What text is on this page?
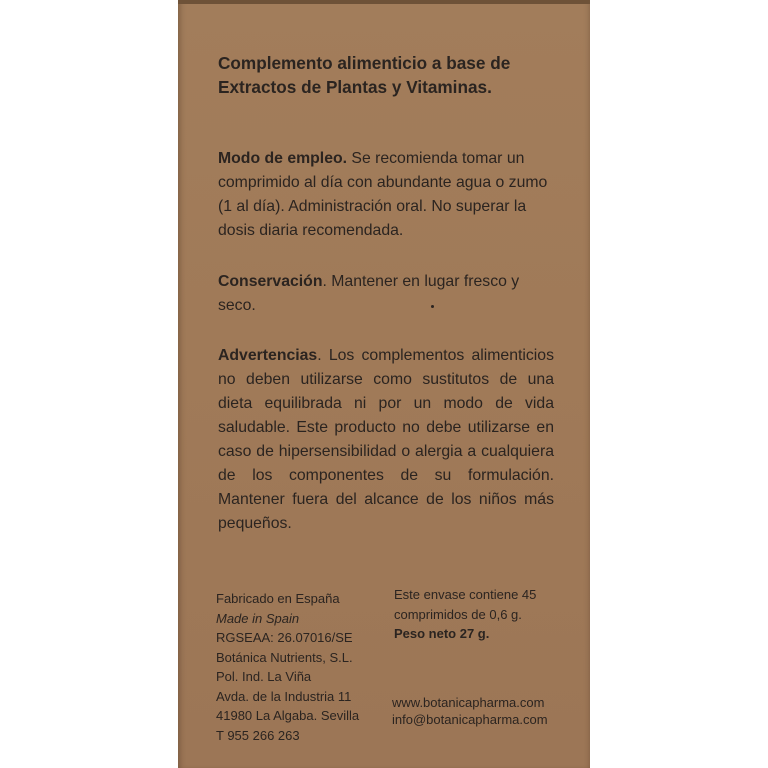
Complemento alimenticio a base de Extractos de Plantas y Vitaminas.
Modo de empleo. Se recomienda tomar un comprimido al día con abundante agua o zumo (1 al día). Administración oral. No superar la dosis diaria recomendada.
Conservación. Mantener en lugar fresco y seco.
Advertencias. Los complementos alimenticios no deben utilizarse como sustitutos de una dieta equilibrada ni por un modo de vida saludable. Este producto no debe utilizarse en caso de hipersensibilidad o alergia a cualquiera de los componentes de su formulación. Mantener fuera del alcance de los niños más pequeños.
Fabricado en España
Made in Spain
RGSEAA: 26.07016/SE
Botánica Nutrients, S.L.
Pol. Ind. La Viña
Avda. de la Industria 11
41980 La Algaba. Sevilla
T 955 266 263
Este envase contiene 45 comprimidos de 0,6 g.
Peso neto 27 g.
www.botanicapharma.com
info@botanicapharma.com
